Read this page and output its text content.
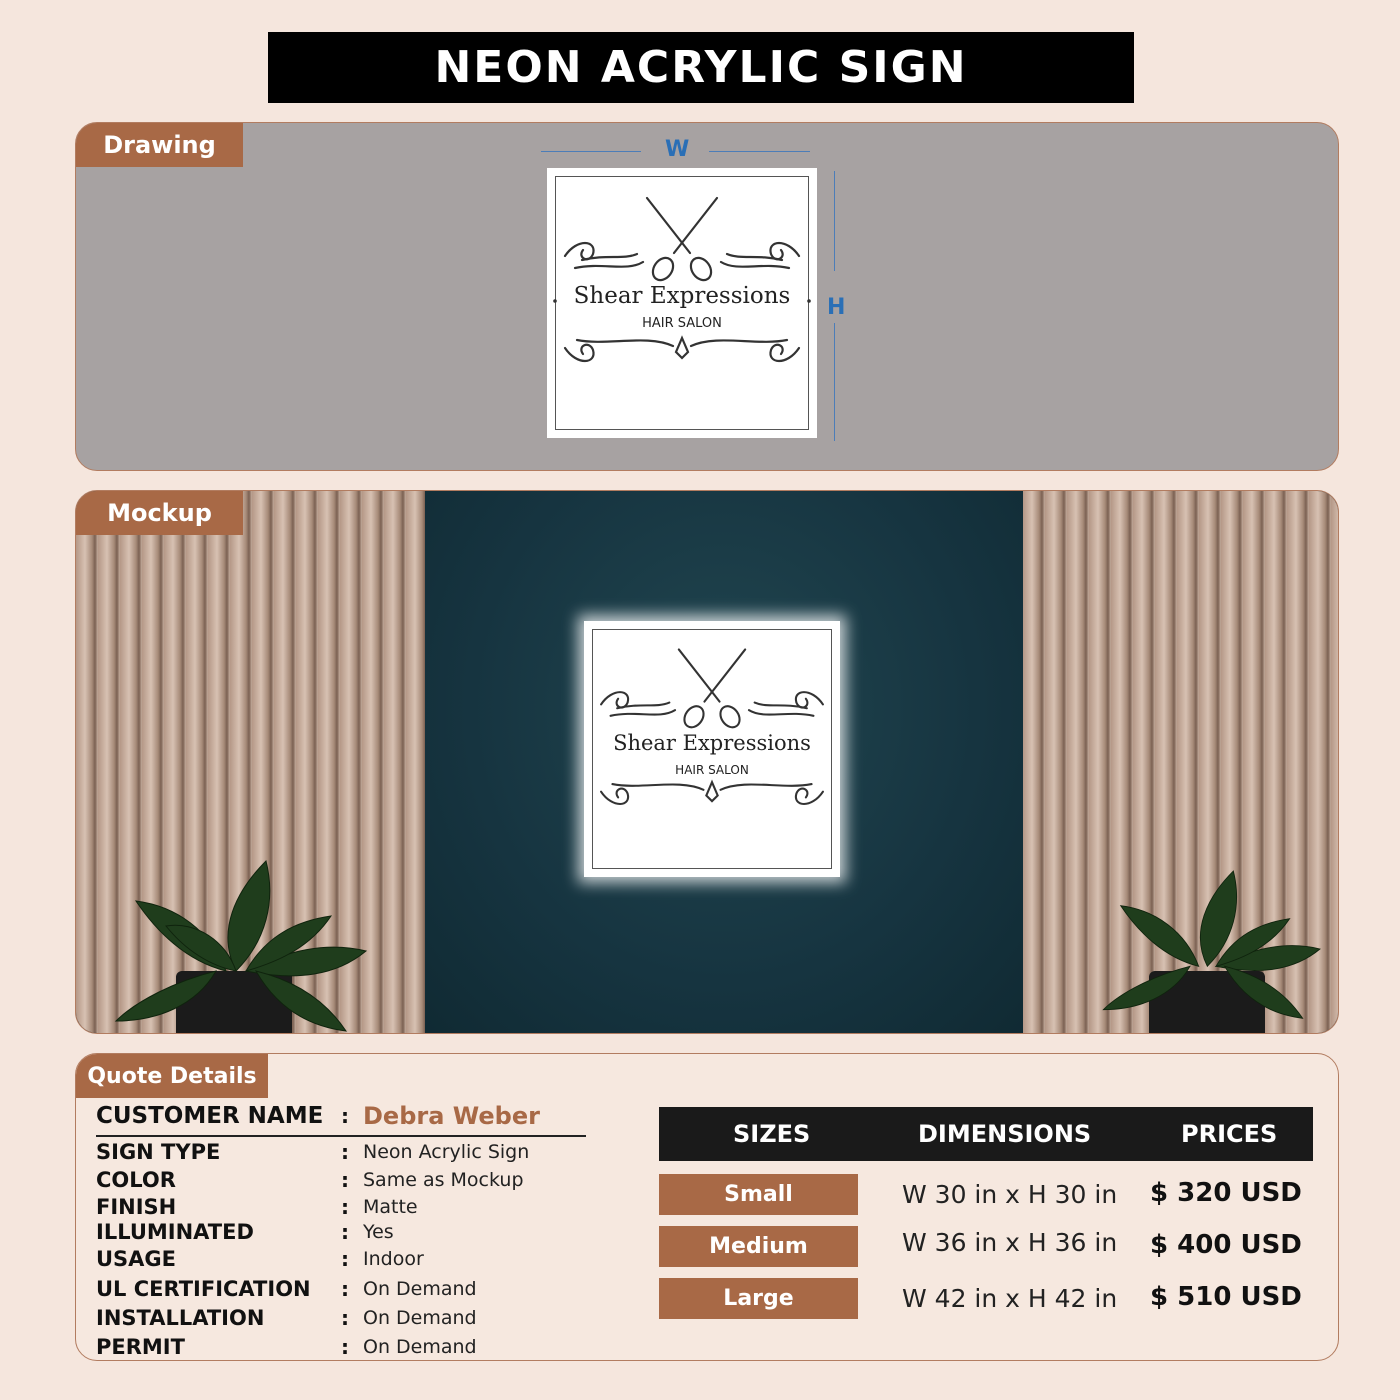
NEON ACRYLIC SIGN
Drawing	W
H
Shear Expressions
HAIR SALON
Shear Expressions
HAIR SALON
Mockup
Quote Details
CUSTOMER NAME : Debra Weber
SIGN TYPE	: Neon Acrylic Sign
COLOR	: Same as Mockup
FINISH	: Matte
ILLUMINATED	: Yes
USAGE	: Indoor
UL CERTIFICATION	: On Demand
INSTALLATION	: On Demand
PERMIT	: On Demand
SIZES	DIMENSIONS	PRICES
Small	W 30 in x H 30 in $ 320 USD
Medium	W 36 in x H 36 in $ 400 USD
Large	W 42 in x H 42 in $ 510 USD
